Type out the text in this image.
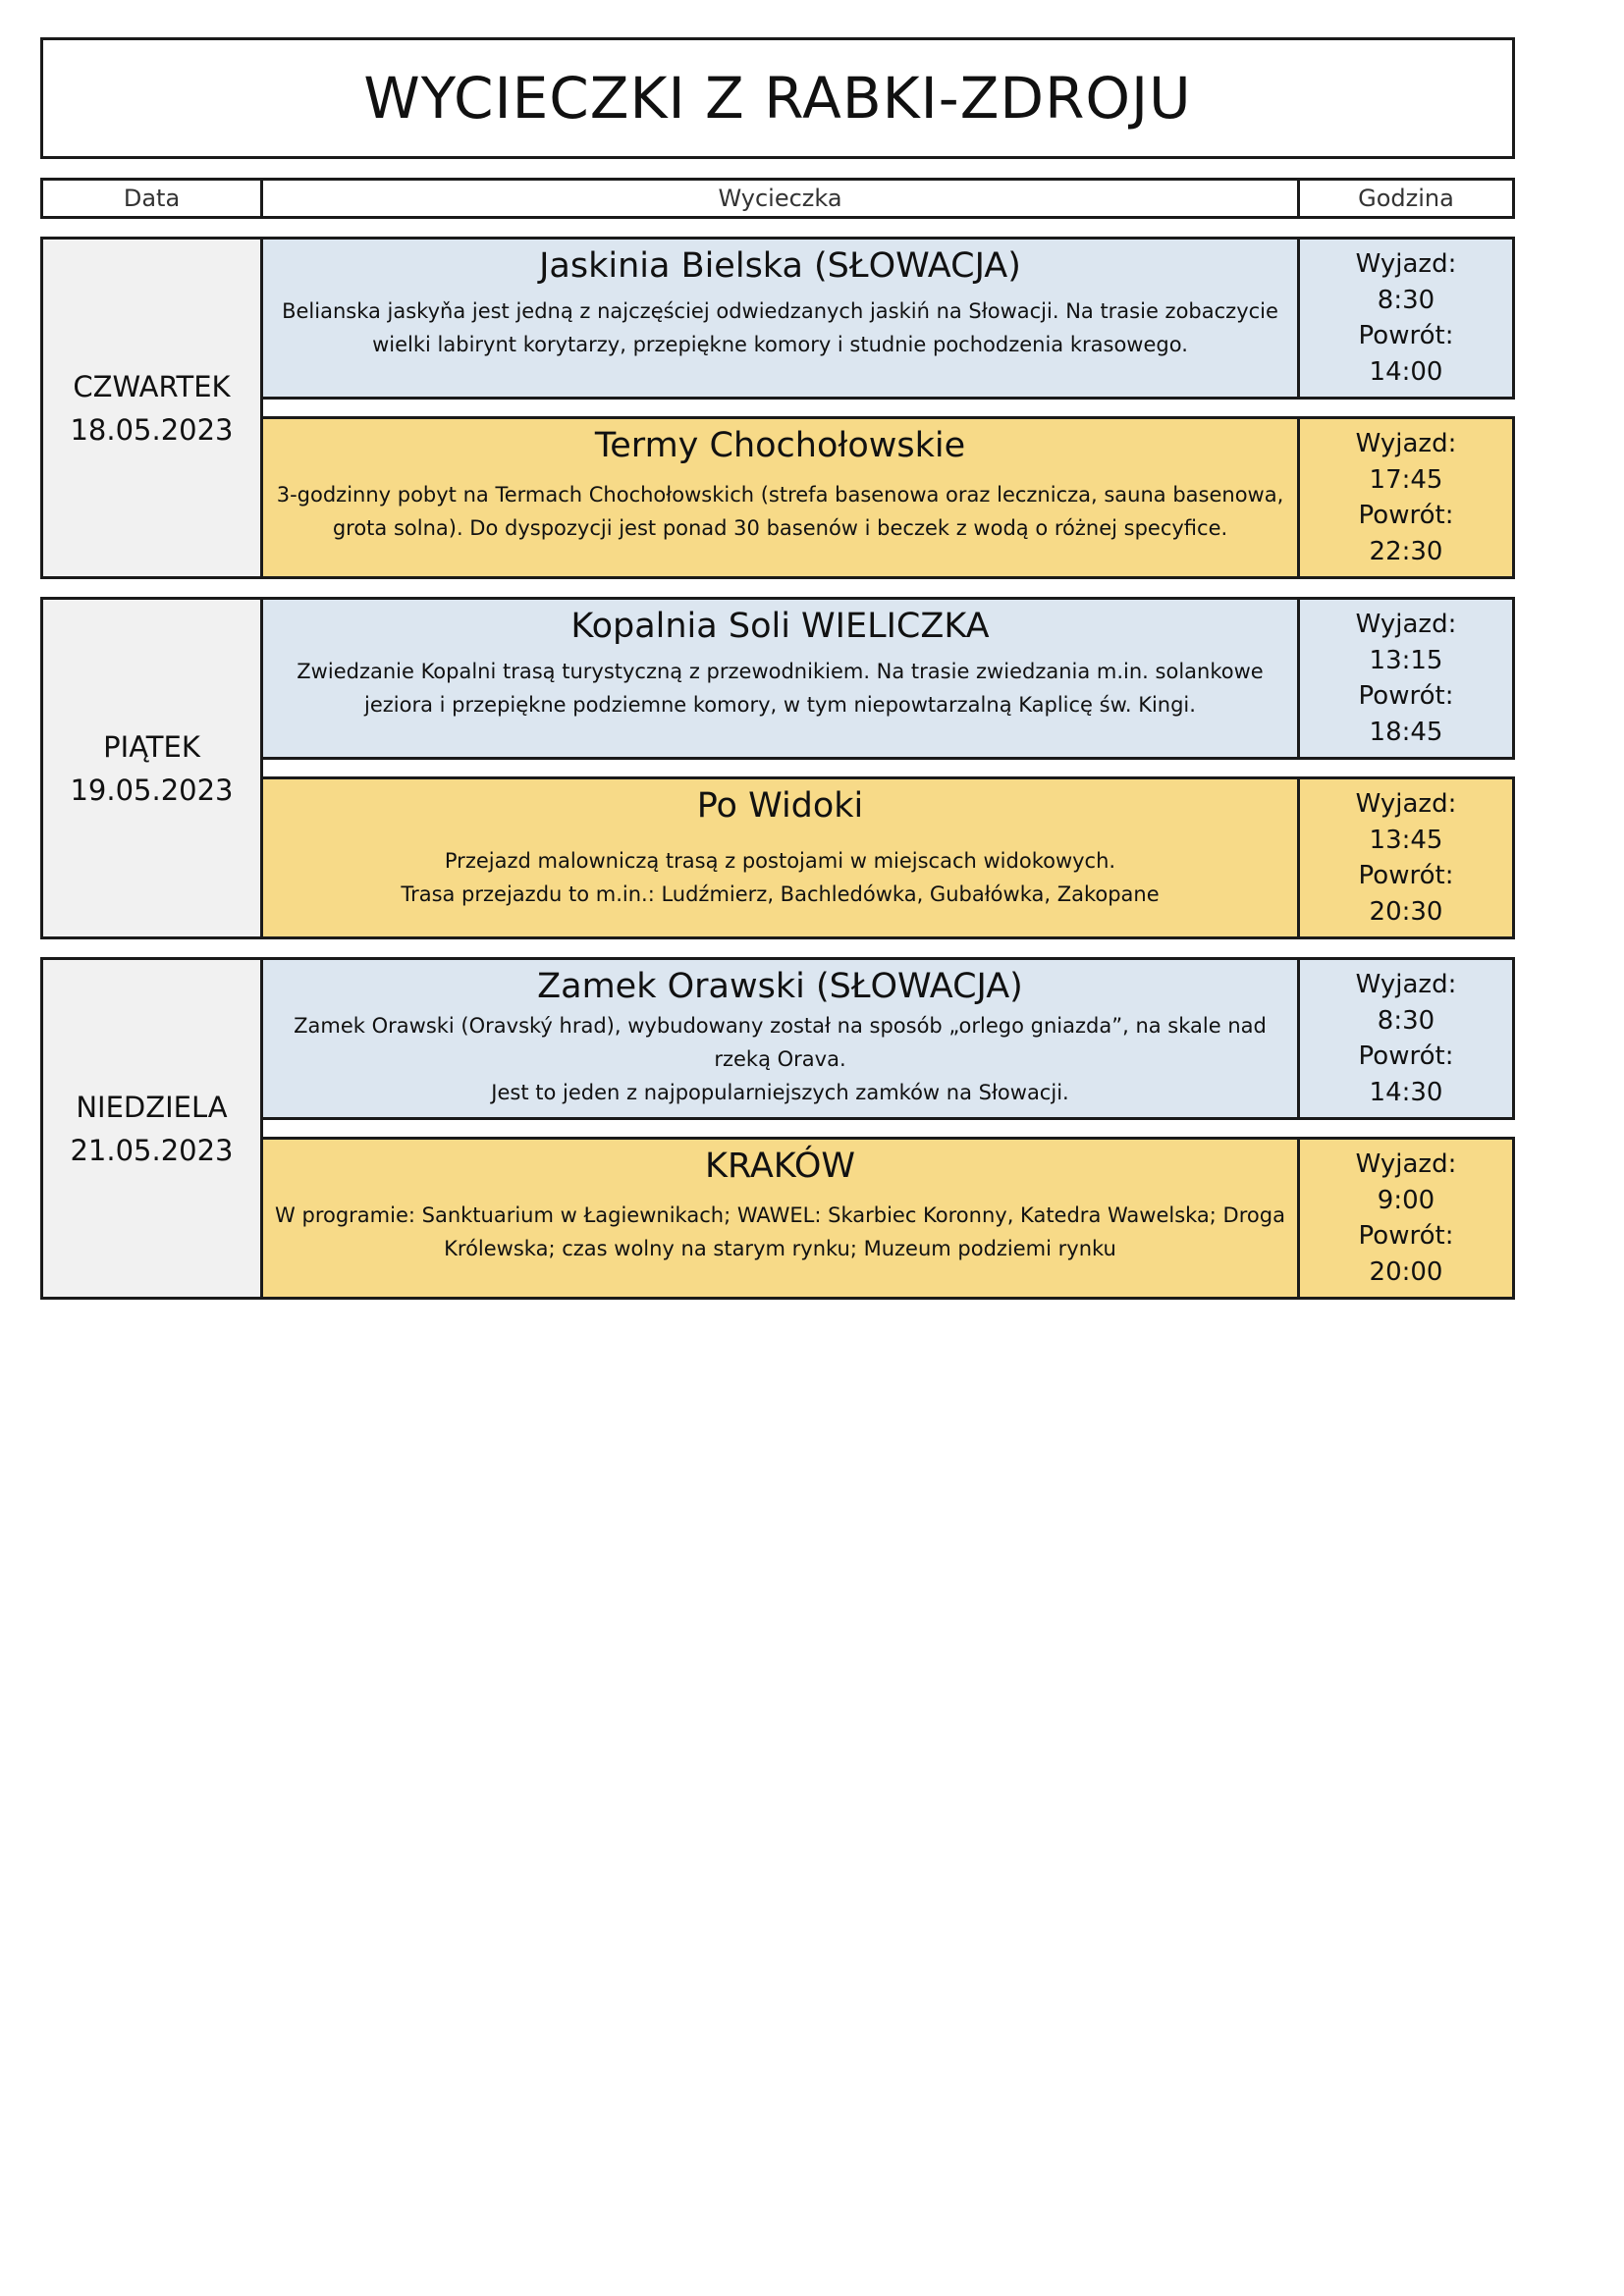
WYCIECZKI Z RABKI-ZDROJU
Data	Wycieczka	Godzina
CZWARTEK
18.05.2023
Jaskinia Bielska (SŁOWACJA)

Belianska jaskyňa jest jedną z najczęściej odwiedzanych jaskiń na Słowacji. Na trasie zobaczycie wielki labirynt korytarzy, przepiękne komory i studnie pochodzenia krasowego.

Wyjazd:
8:30
Powrót:
14:00
Termy Chochołowskie

3-godzinny pobyt na Termach Chochołowskich (strefa basenowa oraz lecznicza, sauna basenowa, grota solna). Do dyspozycji jest ponad 30 basenów i beczek z wodą o różnej specyfice.

Wyjazd:
17:45
Powrót:
22:30
PIĄTEK
19.05.2023
Kopalnia Soli WIELICZKA

Zwiedzanie Kopalni trasą turystyczną z przewodnikiem. Na trasie zwiedzania m.in. solankowe jeziora i przepiękne podziemne komory, w tym niepowtarzalną Kaplicę św. Kingi.

Wyjazd:
13:15
Powrót:
18:45
Po Widoki

Przejazd malowniczą trasą z postojami w miejscach widokowych.

Trasa przejazdu to m.in.: Ludźmierz, Bachledówka, Gubałówka, Zakopane

Wyjazd:
13:45
Powrót:
20:30
NIEDZIELA
21.05.2023
Zamek Orawski (SŁOWACJA)

Zamek Orawski (Oravský hrad), wybudowany został na sposób „orlego gniazda”, na skale nad rzeką Orava.

Jest to jeden z najpopularniejszych zamków na Słowacji.

Wyjazd:
8:30
Powrót:
14:30
KRAKÓW

W programie: Sanktuarium w Łagiewnikach; WAWEL: Skarbiec Koronny, Katedra Wawelska; Droga Królewska; czas wolny na starym rynku; Muzeum podziemi rynku

Wyjazd:
9:00
Powrót:
20:00
